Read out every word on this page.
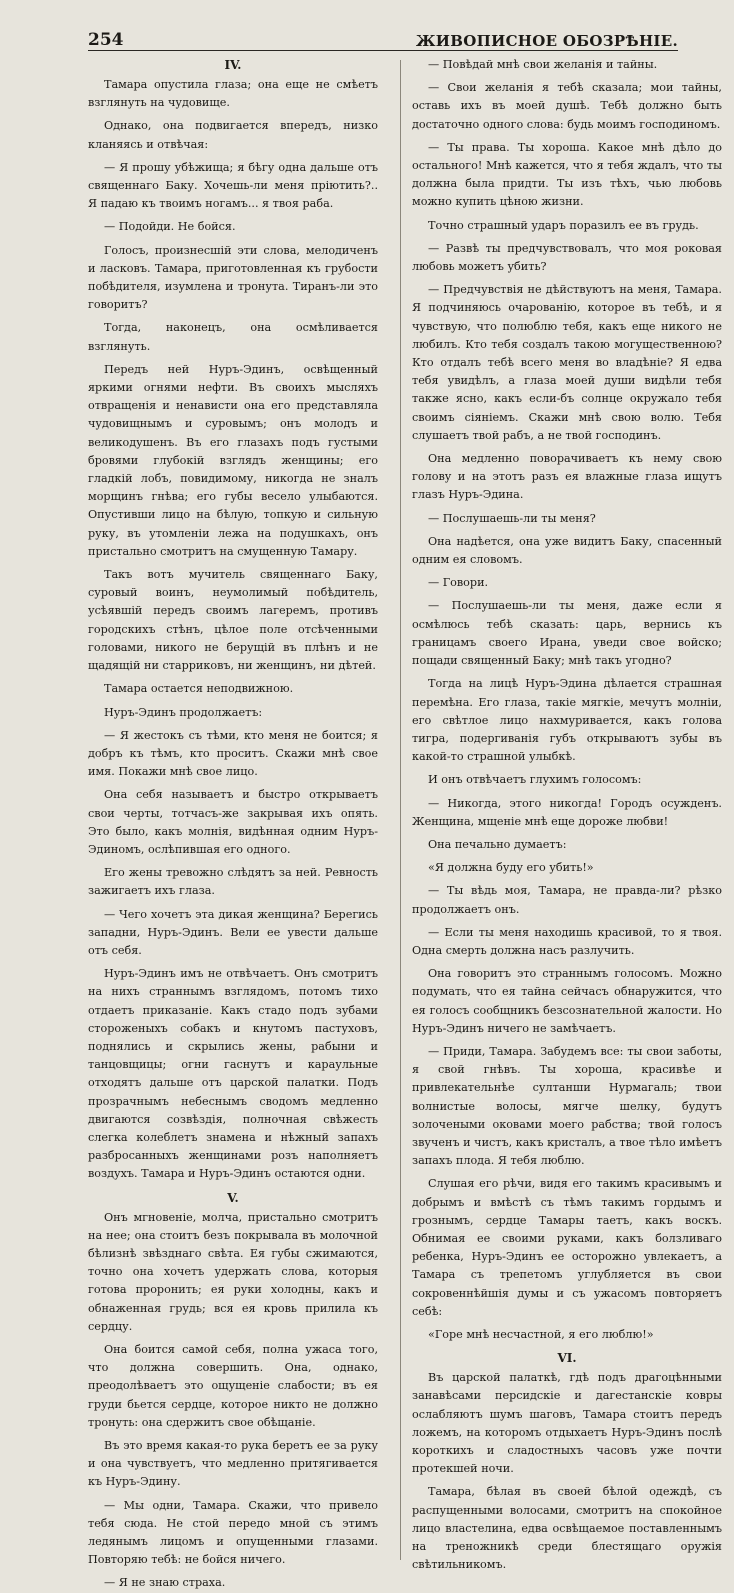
254	ЖИВОПИСНОЕ ОБОЗРѢНІЕ.
IV.

Тамара опустила глаза; она еще не смѣетъ взглянуть на чудовище.

Однако, она подвигается впередъ, низко кланяясь и отвѣчая:

— Я прошу убѣжища; я бѣгу одна дальше отъ священнаго Баку. Хочешь-ли меня пріютить?.. Я падаю къ твоимъ ногамъ... я твоя раба.

— Подойди. Не бойся.

Голосъ, произнесшій эти слова, мелодиченъ и ласковъ. Тамара, приготовленная къ грубости побѣдителя, изумлена и тронута. Тиранъ-ли это говоритъ?

Тогда, наконецъ, она осмѣливается взглянуть.

Передъ ней Нуръ-Эдинъ, освѣщенный яркими огнями нефти. Въ своихъ мысляхъ отвращенія и ненависти она его представляла чудовищнымъ и суровымъ; онъ молодъ и великодушенъ. Въ его глазахъ подъ густыми бровями глубокій взглядъ женщины; его гладкій лобъ, повидимому, никогда не зналъ морщинъ гнѣва; его губы весело улыбаются. Опустивши лицо на бѣлую, топкую и сильную руку, въ утомленіи лежа на подушкахъ, онъ пристально смотритъ на смущенную Тамару.

Такъ вотъ мучитель священнаго Баку, суровый воинъ, неумолимый побѣдитель, усѣявшій передъ своимъ лагеремъ, противъ городскихъ стѣнъ, цѣлое поле отсѣченными головами, никого не берущій въ плѣнъ и не щадящій ни старриковъ, ни женщинъ, ни дѣтей.

Тамара остается неподвижною.

Нуръ-Эдинъ продолжаетъ:

— Я жестокъ съ тѣми, кто меня не боится; я добръ къ тѣмъ, кто проситъ. Скажи мнѣ свое имя. Покажи мнѣ свое лицо.

Она себя называетъ и быстро открываетъ свои черты, тотчасъ-же закрывая ихъ опять. Это было, какъ молнія, видѣнная одним Нуръ-Эдиномъ, ослѣпившая его одного.

Его жены тревожно слѣдятъ за ней. Ревность зажигаетъ ихъ глаза.

— Чего хочетъ эта дикая женщина? Берегись западни, Нуръ-Эдинъ. Вели ее увести дальше отъ себя.

Нуръ-Эдинъ имъ не отвѣчаетъ. Онъ смотритъ на нихъ страннымъ взглядомъ, потомъ тихо отдаетъ приказаніе. Какъ стадо подъ зубами стороженыхъ собакъ и кнутомъ пастуховъ, поднялись и скрылись жены, рабыни и танцовщицы; огни гаснутъ и караульные отходятъ дальше отъ царской палатки. Подъ прозрачнымъ небеснымъ сводомъ медленно двигаются созвѣздія, полночная свѣжесть слегка колеблетъ знамена и нѣжный запахъ разбросанныхъ женщинами розъ наполняетъ воздухъ. Тамара и Нуръ-Эдинъ остаются одни.

V.

Онъ мгновеніе, молча, пристально смотритъ на нее; она стоитъ безъ покрывала въ молочной бѣлизнѣ звѣзднаго свѣта. Ея губы сжимаются, точно она хочетъ удержать слова, которыя готова проронить; ея руки холодны, какъ и обнаженная грудь; вся ея кровь прилила къ сердцу.

Она боится самой себя, полна ужаса того, что должна совершить. Она, однако, преодолѣваетъ это ощущеніе слабости; въ ея груди бьется сердце, которое никто не должно тронуть: она сдержитъ свое обѣщаніе.

Въ это время какая-то рука беретъ ее за руку и она чувствуетъ, что медленно притягивается къ Нуръ-Эдину.

— Мы одни, Тамара. Скажи, что привело тебя сюда. Не стой передо мной съ этимъ ледянымъ лицомъ и опущенными глазами. Повторяю тебѣ: не бойся ничего.

— Я не знаю страха.

— Повѣдай мнѣ свои желанія и тайны.

— Свои желанія я тебѣ сказала; мои тайны, оставь ихъ въ моей душѣ. Тебѣ должно быть достаточно одного слова: будь моимъ господиномъ.

— Ты права. Ты хороша. Какое мнѣ дѣло до остального! Мнѣ кажется, что я тебя ждалъ, что ты должна была придти. Ты изъ тѣхъ, чью любовь можно купить цѣною жизни.

Точно страшный ударъ поразилъ ее въ грудь.

— Развѣ ты предчувствовалъ, что моя роковая любовь можетъ убить?

— Предчувствія не дѣйствуютъ на меня, Тамара. Я подчиняюсь очарованію, которое въ тебѣ, и я чувствую, что полюблю тебя, какъ еще никого не любилъ. Кто тебя создалъ такою могущественною? Кто отдалъ тебѣ всего меня во владѣніе? Я едва тебя увидѣлъ, а глаза моей души видѣли тебя также ясно, какъ если-бъ солнце окружало тебя своимъ сіяніемъ. Скажи мнѣ свою волю. Тебя слушаетъ твой рабъ, а не твой господинъ.

Она медленно поворачиваетъ къ нему свою голову и на этотъ разъ ея влажные глаза ищутъ глазъ Нуръ-Эдина.

— Послушаешь-ли ты меня?

Она надѣется, она уже видитъ Баку, спасенный одним ея словомъ.

— Говори.

— Послушаешь-ли ты меня, даже если я осмѣлюсь тебѣ сказать: царь, вернись къ границамъ своего Ирана, уведи свое войско; пощади священный Баку; мнѣ такъ угодно?

Тогда на лицѣ Нуръ-Эдина дѣлается страшная перемѣна. Его глаза, такіе мягкіе, мечутъ молніи, его свѣтлое лицо нахмуривается, какъ голова тигра, подергиванія губъ открываютъ зубы въ какой-то страшной улыбкѣ.

И онъ отвѣчаетъ глухимъ голосомъ:

— Никогда, этого никогда! Городъ осужденъ. Женщина, мщеніе мнѣ еще дороже любви!

Она печально думаетъ:

«Я должна буду его убить!»

— Ты вѣдь моя, Тамара, не правда-ли? рѣзко продолжаетъ онъ.

— Если ты меня находишь красивой, то я твоя. Одна смерть должна насъ разлучить.

Она говоритъ это страннымъ голосомъ. Можно подумать, что ея тайна сейчасъ обнаружится, что ея голосъ сообщникъ безсознательной жалости. Но Нуръ-Эдинъ ничего не замѣчаетъ.

— Приди, Тамара. Забудемъ все: ты свои заботы, я свой гнѣвъ. Ты хороша, красивѣе и привлекательнѣе султанши Нурмагаль; твои волнистые волосы, мягче шелку, будутъ золочеными оковами моего рабства; твой голосъ звученъ и чистъ, какъ кристалъ, а твое тѣло имѣетъ запахъ плода. Я тебя люблю.

Слушая его рѣчи, видя его такимъ красивымъ и добрымъ и вмѣстѣ съ тѣмъ такимъ гордымъ и грознымъ, сердце Тамары таетъ, какъ воскъ. Обнимая ее своими руками, какъ болзливаго ребенка, Нуръ-Эдинъ ее осторожно увлекаетъ, а Тамара съ трепетомъ углубляется въ свои сокровеннѣйшія думы и съ ужасомъ повторяетъ себѣ:

«Горе мнѣ несчастной, я его люблю!»

VI.

Въ царской палаткѣ, гдѣ подъ драгоцѣнными занавѣсами персидскіе и дагестанскіе ковры ослабляютъ шумъ шаговъ, Тамара стоитъ передъ ложемъ, на которомъ отдыхаетъ Нуръ-Эдинъ послѣ короткихъ и сладостныхъ часовъ уже почти протекшей ночи.

Тамара, бѣлая въ своей бѣлой одеждѣ, съ распущенными волосами, смотритъ на спокойное лицо властелина, едва освѣщаемое поставленнымъ на треножникѣ среди блестящаго оружія свѣтильникомъ.
